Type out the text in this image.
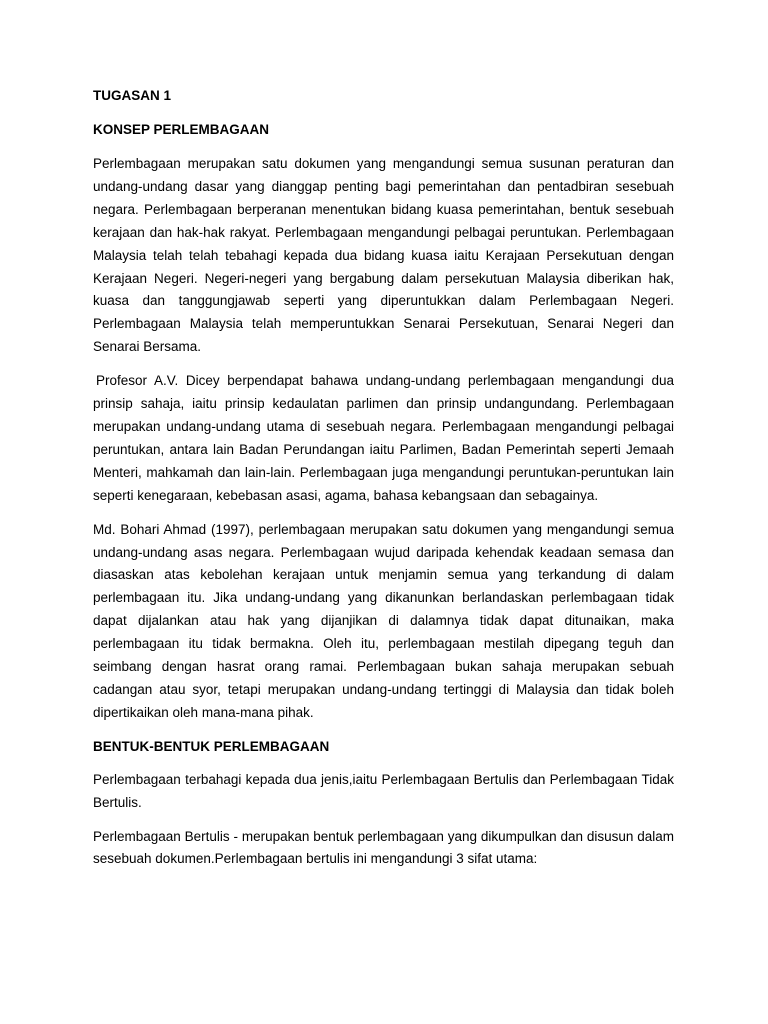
TUGASAN 1
KONSEP PERLEMBAGAAN

Perlembagaan merupakan satu dokumen yang mengandungi semua susunan peraturan dan undang-undang dasar yang dianggap penting bagi pemerintahan dan pentadbiran sesebuah negara. Perlembagaan berperanan menentukan bidang kuasa pemerintahan, bentuk sesebuah kerajaan dan hak-hak rakyat. Perlembagaan mengandungi pelbagai peruntukan. Perlembagaan Malaysia telah telah tebahagi kepada dua bidang kuasa iaitu Kerajaan Persekutuan dengan Kerajaan Negeri. Negeri-negeri yang bergabung dalam persekutuan Malaysia diberikan hak, kuasa dan tanggungjawab seperti yang diperuntukkan dalam Perlembagaan Negeri. Perlembagaan Malaysia telah memperuntukkan Senarai Persekutuan, Senarai Negeri dan Senarai Bersama.

Profesor A.V. Dicey berpendapat bahawa undang-undang perlembagaan mengandungi dua prinsip sahaja, iaitu prinsip kedaulatan parlimen dan prinsip undangundang. Perlembagaan merupakan undang-undang utama di sesebuah negara. Perlembagaan mengandungi pelbagai peruntukan, antara lain Badan Perundangan iaitu Parlimen, Badan Pemerintah seperti Jemaah Menteri, mahkamah dan lain-lain. Perlembagaan juga mengandungi peruntukan-peruntukan lain seperti kenegaraan, kebebasan asasi, agama, bahasa kebangsaan dan sebagainya.

Md. Bohari Ahmad (1997), perlembagaan merupakan satu dokumen yang mengandungi semua undang-undang asas negara. Perlembagaan wujud daripada kehendak keadaan semasa dan diasaskan atas kebolehan kerajaan untuk menjamin semua yang terkandung di dalam perlembagaan itu. Jika undang-undang yang dikanunkan berlandaskan perlembagaan tidak dapat dijalankan atau hak yang dijanjikan di dalamnya tidak dapat ditunaikan, maka perlembagaan itu tidak bermakna. Oleh itu, perlembagaan mestilah dipegang teguh dan seimbang dengan hasrat orang ramai. Perlembagaan bukan sahaja merupakan sebuah cadangan atau syor, tetapi merupakan undang-undang tertinggi di Malaysia dan tidak boleh dipertikaikan oleh mana-mana pihak.

BENTUK-BENTUK PERLEMBAGAAN

Perlembagaan terbahagi kepada dua jenis,iaitu Perlembagaan Bertulis dan Perlembagaan Tidak Bertulis.

Perlembagaan Bertulis - merupakan bentuk perlembagaan yang dikumpulkan dan disusun dalam sesebuah dokumen.Perlembagaan bertulis ini mengandungi 3 sifat utama:
